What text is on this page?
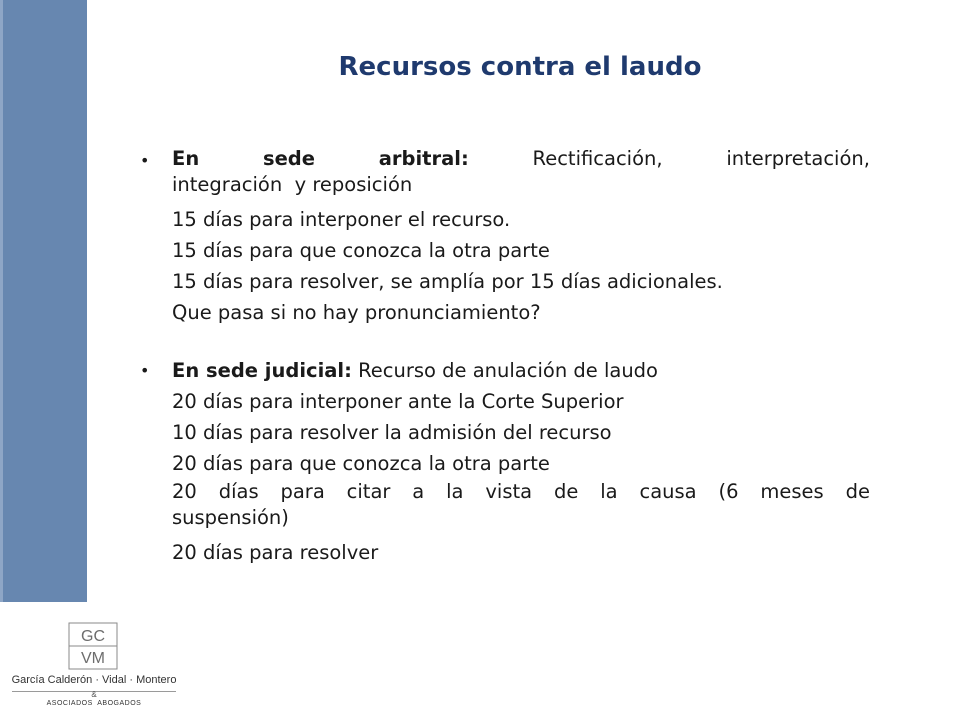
Recursos contra el laudo
• En	sede	arbitral:	Rectificación,	interpretación,
integración  y reposición
15 días para interponer el recurso.
15 días para que conozca la otra parte
15 días para resolver, se amplía por 15 días adicionales.
Que pasa si no hay pronunciamiento?
• En sede judicial: Recurso de anulación de laudo
20 días para interponer ante la Corte Superior
10 días para resolver la admisión del recurso
20 días para que conozca la otra parte
20 días para citar a la vista de la causa (6 meses de
suspensión)
20 días para resolver
GC
VM
García Calderón · Vidal · Montero
&
ASOCIADOS  ABOGADOS
